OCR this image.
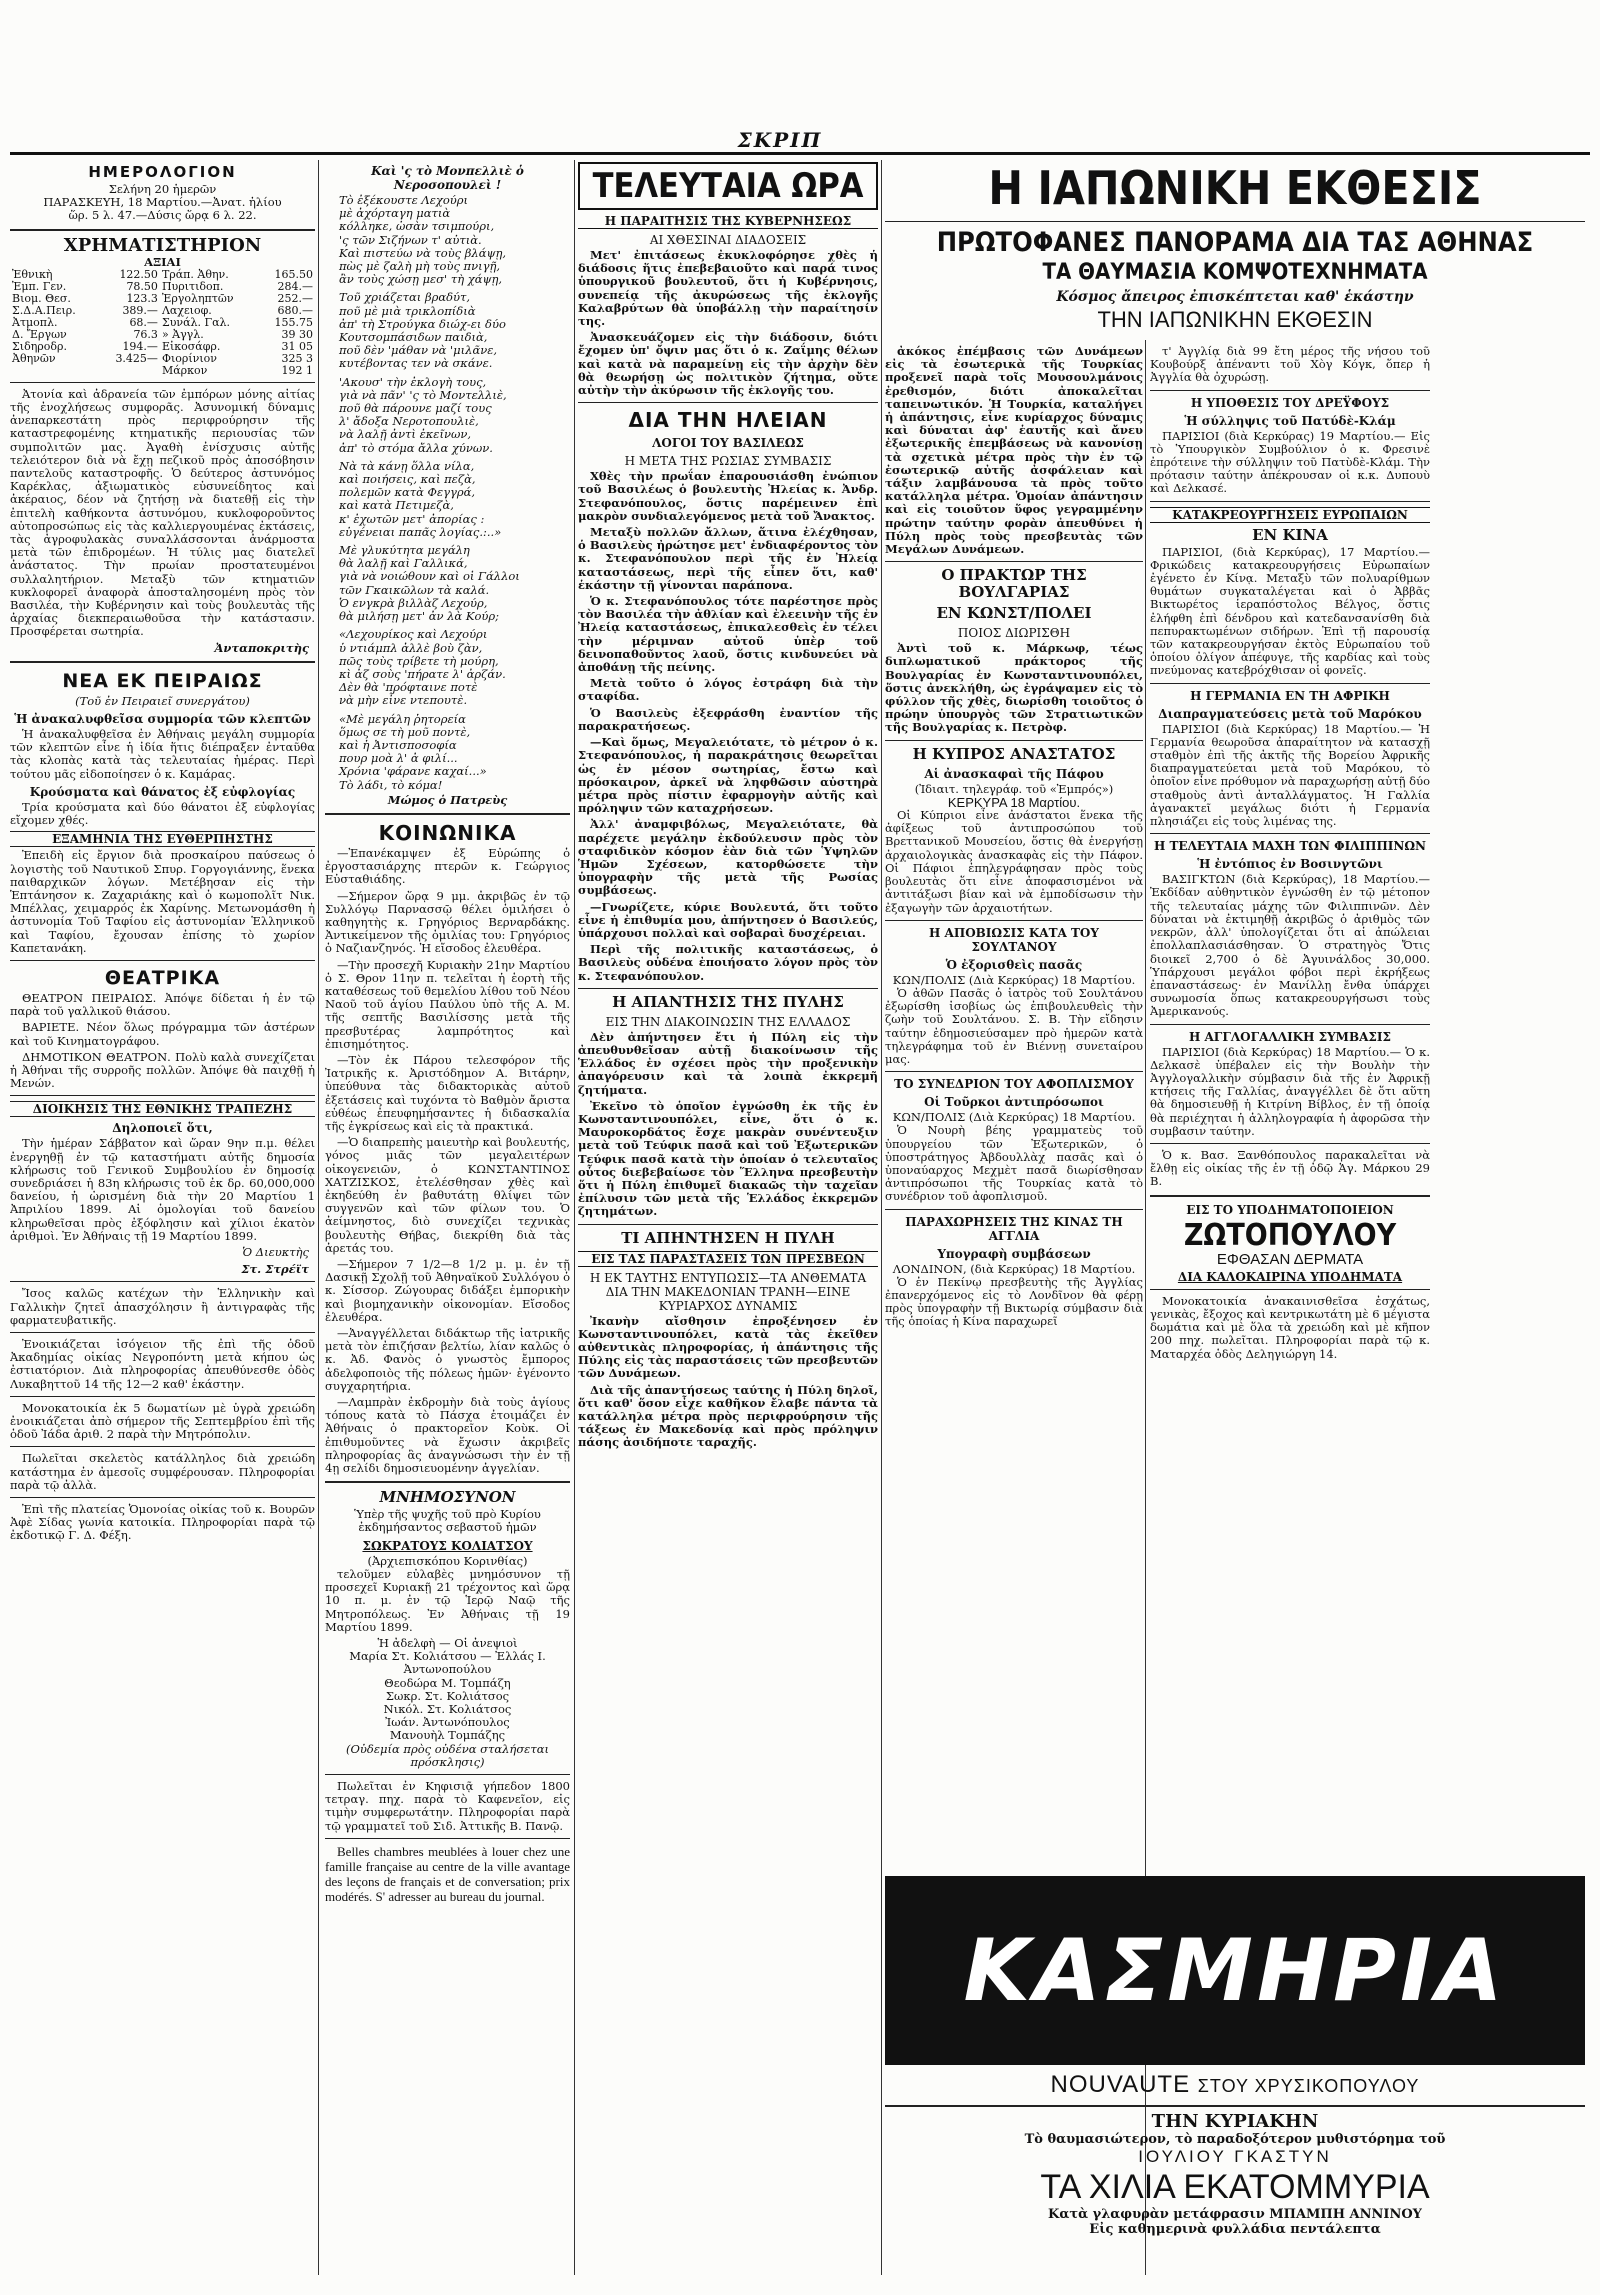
ΣΚΡΙΠ
ΗΜΕΡΟΛΟΓΙΟΝ
Σελήνη 20 ἡμερῶν
ΠΑΡΑΣΚΕΥΗ, 18 Μαρτίου.—Ἀνατ. ἡλίου
ὥρ. 5 λ. 47.—Δύσις ὥρᾳ 6 λ. 22.
ΧΡΗΜΑΤΙΣΤΗΡΙΟΝ
ΑΞΙΑΙ
Ἐθνικὴ	122.50	Τράπ. Ἀθην.	165.50
Ἐμπ. Γεν.	78.50	Πυριτιδοπ.	284.—
Βιομ. Θεσ.	123.3	Ἐργοληπτῶν	252.—
Σ.Δ.Α.Πειρ.	389.—	Λαχειοφ.	680.—
Ἀτμοπλ.	68.—	Συνάλ. Γαλ.	155.75
Δ. Ἔργων	76.3	» Ἀγγλ.	39 30
Σιδηροδρ.	194.—	Εἰκοσάφρ.	31 05
Ἀθηνῶν	3.425—	Φιορίνιον	325 3
		Μάρκον	192 1

Ἀτονία καὶ ἀδρανεία τῶν ἐμπόρων μόνης αἰτίας τῆς ἐνοχλήσεως συμφορᾶς. Ἀσυνομική δύναμις ἀνεπαρκεστάτη πρὸς περιφρούρησιν τῆς καταστρεφομένης κτηματικῆς περιουσίας τῶν συμπολιτῶν μας. Ἀγαθὴ ἐνίσχυσις αὐτῆς τελειότερον διὰ νὰ ἔχῃ πεζικοῦ πρὸς ἀποσόβησιν παντελοῦς καταστροφῆς. Ὁ δεύτερος ἀστυνόμος Καρέκλας, ἀξιωματικὸς εὐσυνείδητος καὶ ἀκέραιος, δέον νὰ ζητήσῃ νὰ διατεθῇ εἰς τὴν ἐπιτελὴ καθήκοντα ἀστυνόμου, κυκλοφοροῦντος αὐτοπροσώπως εἰς τὰς καλλιεργουμένας ἐκτάσεις, τὰς ἀγροφυλακὰς συναλλάσσονται ἀνάρμοστα μετὰ τῶν ἐπιδρομέων. Ἡ τύλις μας διατελεῖ ἀνάστατος. Τὴν πρωίαν προστατευμένοι συλλαλητήριον. Μεταξὺ τῶν κτηματιῶν κυκλοφορεῖ ἀναφορὰ ἀποσταλησομένη πρὸς τὸν Βασιλέα, τὴν Κυβέρνησιν καὶ τοὺς βουλευτὰς τῆς ἀρχαίας διεκπεραιωθοῦσα τὴν κατάστασιν. Προσφέρεται σωτηρία.

Ἀνταποκριτὴς
ΝΕΑ ΕΚ ΠΕΙΡΑΙΩΣ
(Τοῦ ἐν Πειραιεῖ συνεργάτου)
Ἡ ἀνακαλυφθεῖσα συμμορία τῶν κλεπτῶν

Ἡ ἀνακαλυφθεῖσα ἐν Ἀθήναις μεγάλη συμμορία τῶν κλεπτῶν εἶνε ἡ ἰδία ἥτις διέπραξεν ἐνταῦθα τὰς κλοπὰς κατὰ τὰς τελευταίας ἡμέρας. Περὶ τούτου μᾶς εἰδοποίησεν ὁ κ. Καμάρας.

Κρούσματα καὶ θάνατος ἐξ εὐφλογίας

Τρία κρούσματα καὶ δύο θάνατοι ἐξ εὐφλογίας εἴχομεν χθές.

ΕΞΑΜΗΝΙΑ ΤΗΣ ΕΥΘΕΡΠΗΣΤΗΣ

Ἐπειδὴ εἰς ἔργιον διὰ προσκαίρου παύσεως ὁ λογιστὴς τοῦ Ναυτικοῦ Σπυρ. Γοργογιάννης, ἕνεκα παιθαρχικῶν λόγων. Μετέβησαν εἰς τὴν Ἑπτάνησον κ. Ζαχαριάκης καὶ ὁ κωμοπολῖτ Νικ. Μπέλλας, χειμαρρός ἐκ Χαρίνης. Μετωνομάσθη ἡ ἀστυνομία Τοῦ Ταφίου εἰς ἀστυνομίαν Ἑλληνικοῦ καὶ Ταφίου, ἔχουσαν ἐπίσης τὸ χωρίον Καπετανάκη.

ΘΕΑΤΡΙΚΑ

ΘΕΑΤΡΟΝ ΠΕΙΡΑΙΩΣ. Ἀπόψε δίδεται ἡ ἐν τῷ παρὰ τοῦ γαλλικοῦ θιάσου.

ΒΑΡΙΕΤΕ. Νέον ὅλως πρόγραμμα τῶν ἀστέρων καὶ τοῦ Κινηματογράφου.

ΔΗΜΟΤΙΚΟΝ ΘΕΑΤΡΟΝ. Πολὺ καλὰ συνεχίζεται ἡ Ἀθήναι τῆς συρροῆς πολλῶν. Ἀπόψε θὰ παιχθῇ ἡ Μενών.

ΔΙΟΙΚΗΣΙΣ ΤΗΣ ΕΘΝΙΚΗΣ ΤΡΑΠΕΖΗΣ
Δηλοποιεῖ ὅτι,

Τὴν ἡμέραν Σάββατον καὶ ὥραν 9ην π.μ. θέλει ἐνεργηθῇ ἐν τῷ καταστήματι αὐτῆς δημοσία κλήρωσις τοῦ Γενικοῦ Συμβουλίου ἐν δημοσίᾳ συνεδριάσει ἡ 83η κλήρωσις τοῦ ἐκ δρ. 60,000,000 δανείου, ἡ ὡρισμένη διὰ τὴν 20 Μαρτίου 1 Ἀπριλίου 1899. Αἱ ὁμολογίαι τοῦ δανείου κληρωθεῖσαι πρὸς ἐξόφλησιν καὶ χίλιοι ἑκατὸν ἀριθμοὶ. Ἐν Ἀθήναις τῇ 19 Μαρτίου 1899.

Ὁ Διευκτὴς
Στ. Στρέϊτ

Ἴσος καλῶς κατέχων τὴν Ἑλληνικὴν καὶ Γαλλικὴν ζητεῖ ἀπασχόλησιν ἢ ἀντιγραφὰς τῆς φαρματευβατικῆς.

Ἐνοικιάζεται ἰσόγειον τῆς ἐπὶ τῆς ὁδοῦ Ἀκαδημίας οἰκίας Νεγροπόντη μετὰ κήπου ὡς ἐστιατόριον. Διὰ πληροφορίας ἀπευθύνεσθε ὁδὸς Λυκαβηττοῦ 14 τῆς 12—2 καθ' ἑκάστην.

Μονοκατοικία ἐκ 5 δωματίων μὲ ὑγρὰ χρειώδη ἐνοικιάζεται ἀπὸ σήμερον τῆς Σεπτεμβρίου ἐπὶ τῆς ὁδοῦ Ἰάδα ἀριθ. 2 παρὰ τὴν Μητρόπολιν.

Πωλεῖται σκελετὸς κατάλληλος διὰ χρειώδη κατάστημα ἐν ἀμεσοῖς συμφέρουσαν. Πληροφορίαι παρὰ τῷ ἀλλὰ.

Ἐπὶ τῆς πλατείας Ὁμονοίας οἰκίας τοῦ κ. Βουρῶν Ἀφὲ Σίδας γωνία κατοικία. Πληροφορίαι παρὰ τῷ ἐκδοτικῷ Γ. Δ. Φέξη.

Καὶ 'ς τὸ Μονπελλιὲ ὁ Νεροσοπουλεὶ !
Τὸ ἐξέκουστε Λεχούρι
μὲ ἀχόρταγη ματιὰ
κόλληκε, ὡσὰν τσιμπούρι,
'ς τῶν Σιζήνων τ' αὐτιὰ.
Καὶ πιστεύω νὰ τοὺς βλάψῃ,
πὼς μὲ ζαλὴ μὴ τοὺς πνιγῇ,
ἂν τοὺς χώσῃ μεσ' τὴ χάψῃ,
Τοῦ χριάζεται βραδύτ,
ποῦ μὲ μιὰ τρικλοπίδιὰ
ἀπ' τὴ Στρούγκα διώχ-ει δύο
Κουτσομπάσιδων παιδιὰ,
ποῦ δὲν 'μάθαν νὰ 'μιλᾶνε,
κυτέβοντας τεν νὰ σκάνε.
'Ακουσ' τὴν ἐκλογὴ τους,
γιὰ νὰ πᾶν' 'ς τὸ Μοντελλιὲ,
ποῦ θὰ πάρουνε μαζί τους
λ' ἄδοξα Νεροτοπουλιὲ,
νὰ λαλῇ ἀντὶ ἐκεῖνων,
ἀπ' τὸ στόμα ἄλλα χύνων.
Νὰ τὰ κάνῃ ὅλλα νίλα,
καὶ ποιήσεις, καὶ πεζὰ,
πολεμῶν κατὰ Φεγγρά,
καὶ κατὰ Πετιμεζὰ,
κ' ἐχωτῶν μετ' ἀπορίας :
εὐγένειαι παπᾶς λογίας.:..»
Μὲ γλυκύτητα μεγάλη
θὰ λαλῇ καὶ Γαλλικά,
γιὰ νὰ νοιώθουν καὶ οἱ Γάλλοι
τῶν Γκαικῶλων τὰ καλά.
Ὁ ενγκρὰ βιλλὰζ Λεχούρ,
θὰ μιλήσῃ μετ' ἀν λὰ Κούρ;
«Λεχουρίκος καὶ Λεχούρι
ὑ ντιάμπλ ἀλλὲ βοὺ ζὰν,
πῶς τοὺς τρίβετε τὴ μούρη,
κὶ ἀζ σοὺς 'πήρατε λ' ἀρζάν.
Δὲν θὰ 'πρόφταινε ποτὲ
νὰ μὴν εἶνε ντεπουτὲ.
«Μὲ μεγάλη ῥητορεία
ὅμως σε τὴ μοῦ ποντὲ,
καὶ ἡ Ἀντισποσοφία
πουρ μοὰ λ' ἀ φιλί...
Χρόνια 'φάρανε καχαί...»
Τὸ λάδι, τὸ κόμα!
Μώμος ὁ Πατρεὺς
ΚΟΙΝΩΝΙΚΑ

—Ἐπανέκαμψεν ἐξ Εὐρώπης ὁ ἐργοστασιάρχης πτερῶν κ. Γεώργιος Εὐσταθιάδης.

—Σήμερον ὥρᾳ 9 μμ. ἀκριβῶς ἐν τῷ Συλλόγῳ Παρνασσῷ θέλει ὁμιλήσει ὁ καθηγητὴς κ. Γρηγόριος Βερναρδάκης. Ἀντικείμενον τῆς ὁμιλίας του: Γρηγόριος ὁ Ναζιανζηνός. Ἡ εἴσοδος ἐλευθέρα.

—Τὴν προσεχῆ Κυριακὴν 21ην Μαρτίου ὁ Σ. Θρον 11ην π. τελεῖται ἡ ἑορτὴ τῆς καταθέσεως τοῦ θεμελίου λίθου τοῦ Νέου Ναοῦ τοῦ ἁγίου Παύλου ὑπὸ τῆς Α. Μ. τῆς σεπτῆς Βασιλίσσης μετὰ τῆς πρεσβυτέρας λαμπρότητος καὶ ἐπισημότητος.

—Τὸν ἐκ Πάρου τελεσφόρον τῆς Ἰατρικῆς κ. Ἀριστόδημον Α. Βιτάρην, ὑπεύθυνα τὰς διδακτορικὰς αὐτοῦ ἐξετάσεις καὶ τυχόντα τὸ Βαθμὸν ἄριστα εὐθέως ἐπευφημήσαντες ἡ διδασκαλία τῆς ἐγκρίσεως καὶ εἰς τὰ πρακτικά.

—Ὁ διαπρεπὴς μαιευτὴρ καὶ βουλευτής, γόνος μιᾶς τῶν μεγαλειτέρων οἰκογενειῶν, ὁ ΚΩΝΣΤΑΝΤΙΝΟΣ ΧΑΤΖΙΣΚΟΣ, ἐτελέσθησαν χθὲς καὶ ἐκηδεύθη ἐν βαθυτάτῃ θλίψει τῶν συγγενῶν καὶ τῶν φίλων του. Ὁ ἀείμνηστος, διὸ συνεχίζει τεχνικὰς βουλευτὴς Θήβας, διεκρίθη διὰ τὰς ἀρετάς του.

—Σήμερον 7 1/2—8 1/2 μ. μ. ἐν τῇ Δασικῇ Σχολῇ τοῦ Ἀθηναϊκοῦ Συλλόγου ὁ κ. Σίσσορ. Ζώγουρας διδάξει ἐμπορικὴν καὶ βιομηχανικὴν οἰκονομίαν. Εἴσοδος ἐλευθέρα.

—Ἀναγγέλλεται διδάκτωρ τῆς ἰατρικῆς μετὰ τὸν ἐπιζήσαν βελτίω, λίαν καλῶς ὁ κ. Ἀδ. Φανὸς ὁ γνωστὸς ἔμπορος ἀδελφοποιὸς τῆς πόλεως ἡμῶν· ἐγένοντο συγχαρητήρια.

—Λαμπρὰν ἐκδρομὴν διὰ τοὺς ἁγίους τόπους κατὰ τὸ Πάσχα ἐτοιμάζει ἐν Ἀθήναις ὁ πρακτορεῖον Κοὺκ. Οἱ ἐπιθυμοῦντες νὰ ἔχωσιν ἀκριβεῖς πληροφορίας ἃς ἀναγνώσωσι τὴν ἐν τῇ 4ῃ σελίδι δημοσιευομένην ἀγγελίαν.

ΜΝΗΜΟΣΥΝΟΝ
Ὑπὲρ τῆς ψυχῆς τοῦ πρὸ Κυρίου ἐκδημήσαντος σεβαστοῦ ἡμῶν
ΣΩΚΡΑΤΟΥΣ ΚΟΛΙΑΤΣΟΥ
(Ἀρχιεπισκόπου Κορινθίας)

τελοῦμεν εὐλαβὲς μνημόσυνον τῇ προσεχεῖ Κυριακῇ 21 τρέχοντος καὶ ὥρᾳ 10 π. μ. ἐν τῷ Ἱερῷ Ναῷ τῆς Μητροπόλεως. Ἐν Ἀθήναις τῇ 19 Μαρτίου 1899.

Ἡ ἀδελφὴ — Οἱ ἀνεψιοὶ
Μαρία Στ. Κολιάτσου — Ἐλλάς Ι. Ἀντωνοπούλου
Θεοδώρα Μ. Τομπάζη
Σωκρ. Στ. Κολιάτσος
Νικόλ. Στ. Κολιάτσος
Ἰωάν. Ἀντωνόπουλος
Μανουὴλ Τομπάζης
(Οὐδεμία πρὸς οὐδένα σταλήσεται πρόσκλησις)

Πωλεῖται ἐν Κηφισιᾷ γήπεδον 1800 τετραγ. πηχ. παρὰ τὸ Καφενεῖον, εἰς τιμὴν συμφερωτάτην. Πληροφορίαι παρὰ τῷ γραμματεῖ τοῦ Σιδ. Ἀττικῆς Β. Πανῷ.

Belles chambres meublées à louer chez une famille française au centre de la ville avantage des leçons de français et de conversation; prix modérés. S' adresser au bureau du journal.

ΤΕΛΕΥΤΑΙΑ ΩΡΑ
Η ΠΑΡΑΙΤΗΣΙΣ ΤΗΣ ΚΥΒΕΡΝΗΣΕΩΣ
ΑΙ ΧΘΕΣΙΝΑΙ ΔΙΑΔΟΣΕΙΣ

Μετ' ἐπιτάσεως ἐκυκλοφόρησε χθὲς ἡ διάδοσις ἥτις ἐπεβεβαιοῦτο καὶ παρά τινος ὑπουργικοῦ βουλευτοῦ, ὅτι ἡ Κυβέρνησις, συνεπείᾳ τῆς ἀκυρώσεως τῆς ἐκλογῆς Καλαβρύτων θὰ ὑποβάλλῃ τὴν παραίτησίν της.

Ἀνασκευάζομεν εἰς τὴν διάδοσιν, διότι ἔχομεν ὑπ' ὄψιν μας ὅτι ὁ κ. Ζαΐμης θέλων καὶ κατὰ νὰ παραμείνῃ εἰς τὴν ἀρχὴν δὲν θὰ θεωρήσῃ ὡς πολιτικὸν ζήτημα, οὔτε αὐτὴν τὴν ἀκύρωσιν τῆς ἐκλογῆς του.

ΔΙΑ ΤΗΝ ΗΛΕΙΑΝ
ΛΟΓΟΙ ΤΟΥ ΒΑΣΙΛΕΩΣ
Η ΜΕΤΑ ΤΗΣ ΡΩΣΙΑΣ ΣΥΜΒΑΣΙΣ

Χθὲς τὴν πρωΐαν ἐπαρουσιάσθη ἐνώπιον τοῦ Βασιλέως ὁ βουλευτὴς Ἠλείας κ. Ἀνδρ. Στεφανόπουλος, ὅστις παρέμεινεν ἐπὶ μακρὸν συνδιαλεγόμενος μετὰ τοῦ Ἄνακτος.

Μεταξὺ πολλῶν ἄλλων, ἅτινα ἐλέχθησαν, ὁ Βασιλεὺς ἠρώτησε μετ' ἐνδιαφέροντος τὸν κ. Στεφανόπουλον περὶ τῆς ἐν Ἠλείᾳ καταστάσεως, περὶ τῆς εἶπεν ὅτι, καθ' ἑκάστην τῇ γίνονται παράπονα.

Ὁ κ. Στεφανόπουλος τότε παρέστησε πρὸς τὸν Βασιλέα τὴν ἀθλίαν καὶ ἐλεεινὴν τῆς ἐν Ἠλείᾳ καταστάσεως, ἐπικαλεσθεὶς ἐν τέλει τὴν μέριμναν αὐτοῦ ὑπὲρ τοῦ δεινοπαθοῦντος λαοῦ, ὅστις κινδυνεύει νὰ ἀποθάνῃ τῆς πείνης.

Μετὰ τοῦτο ὁ λόγος ἐστράφη διὰ τὴν σταφίδα.

Ὁ Βασιλεὺς ἐξεφράσθη ἐναντίον τῆς παρακρατήσεως.

—Καὶ ὅμως, Μεγαλειότατε, τὸ μέτρον ὁ κ. Στεφανόπουλος, ἡ παρακράτησις θεωρεῖται ὡς ἐν μέσον σωτηρίας, ἔστω καὶ πρόσκαιρον, ἀρκεῖ νὰ ληφθῶσιν αὐστηρὰ μέτρα πρὸς πίστιν ἐφαρμογὴν αὐτῆς καὶ πρόληψιν τῶν καταχρήσεων.

Ἀλλ' ἀναμφιβόλως, Μεγαλειότατε, θὰ παρέχετε μεγάλην ἐκδούλευσιν πρὸς τὸν σταφιδικὸν κόσμον ἐὰν διὰ τῶν Ὑψηλῶν Ἡμῶν Σχέσεων, κατορθώσετε τὴν ὑπογραφὴν τῆς μετὰ τῆς Ρωσίας συμβάσεως.

—Γνωρίζετε, κύριε Βουλευτά, ὅτι τοῦτο εἶνε ἡ ἐπιθυμία μου, ἀπήντησεν ὁ Βασιλεύς, ὑπάρχουσι πολλαὶ καὶ σοβαραὶ δυσχέρειαι.

Περὶ τῆς πολιτικῆς καταστάσεως, ὁ Βασιλεὺς οὐδένα ἐποιήσατο λόγον πρὸς τὸν κ. Στεφανόπουλον.

Η ΑΠΑΝΤΗΣΙΣ ΤΗΣ ΠΥΛΗΣ
ΕΙΣ ΤΗΝ ΔΙΑΚΟΙΝΩΣΙΝ ΤΗΣ ΕΛΛΑΔΟΣ

Δὲν ἀπήντησεν ἔτι ἡ Πύλη εἰς τὴν ἀπευθυνθεῖσαν αὐτῇ διακοίνωσιν τῆς Ἑλλάδος ἐν σχέσει πρὸς τὴν προξενικὴν ἀπαγόρευσιν καὶ τὰ λοιπὰ ἐκκρεμῆ ζητήματα.

Ἐκεῖνο τὸ ὁποῖον ἐγνώσθη ἐκ τῆς ἐν Κωνσταντινουπόλει, εἶνε, ὅτι ὁ κ. Μαυροκορδάτος ἔσχε μακρὰν συνέντευξιν μετὰ τοῦ Τεύφικ πασᾶ καὶ τοῦ Ἐξωτερικῶν Τεύφικ πασᾶ κατὰ τὴν ὁποίαν ὁ τελευταῖος οὗτος διεβεβαίωσε τὸν Ἕλληνα πρεσβευτὴν ὅτι ἡ Πύλη ἐπιθυμεῖ διακαῶς τὴν ταχεῖαν ἐπίλυσιν τῶν μετὰ τῆς Ἑλλάδος ἐκκρεμῶν ζητημάτων.

ΤΙ ΑΠΗΝΤΗΣΕΝ Η ΠΥΛΗ
ΕΙΣ ΤΑΣ ΠΑΡΑΣΤΑΣΕΙΣ ΤΩΝ ΠΡΕΣΒΕΩΝ
Η ΕΚ ΤΑΥΤΗΣ ΕΝΤΥΠΩΣΙΣ—ΤΑ ΑΝΘΕΜΑΤΑ ΔΙΑ ΤΗΝ ΜΑΚΕΔΟΝΙΑΝ ΤΡΑΝΗ—ΕΙΝΕ ΚΥΡΙΑΡΧΟΣ ΔΥΝΑΜΙΣ

Ἰκανὴν αἴσθησιν ἐπροξένησεν ἐν Κωνσταντινουπόλει, κατὰ τὰς ἐκεῖθεν αὐθεντικὰς πληροφορίας, ἡ ἀπάντησις τῆς Πύλης εἰς τὰς παραστάσεις τῶν πρεσβευτῶν τῶν Δυνάμεων.

Διὰ τῆς ἀπαντήσεως ταύτης ἡ Πύλη δηλοῖ, ὅτι καθ' ὅσον εἶχε καθῆκον ἔλαβε πάντα τὰ κατάλληλα μέτρα πρὸς περιφρούρησιν τῆς τάξεως ἐν Μακεδονίᾳ καὶ πρὸς πρόληψιν πάσης ἀσιδήποτε ταραχῆς.

Η ΙΑΠΩΝΙΚΗ ΕΚΘΕΣΙΣ
ΠΡΩΤΟΦΑΝΕΣ ΠΑΝΟΡΑΜΑ ΔΙΑ ΤΑΣ ΑΘΗΝΑΣ
ΤΑ ΘΑΥΜΑΣΙΑ ΚΟΜΨΟΤΕΧΝΗΜΑΤΑ
Κόσμος ἄπειρος ἐπισκέπτεται καθ' ἑκάστην
ΤΗΝ ΙΑΠΩΝΙΚΗΝ ΕΚΘΕΣΙΝ

ἀκόκος ἐπέμβασις τῶν Δυνάμεων εἰς τὰ ἐσωτερικὰ τῆς Τουρκίας προξενεῖ παρὰ τοῖς Μουσουλμάνοις ἐρεθισμόν, διότι ἀποκαλεῖται ταπεινωτικόν. Ἡ Τουρκία, καταλήγει ἡ ἀπάντησις, εἶνε κυρίαρχος δύναμις καὶ δύναται ἀφ' ἑαυτῆς καὶ ἄνευ ἐξωτερικῆς ἐπεμβάσεως νὰ κανονίσῃ τὰ σχετικὰ μέτρα πρὸς τὴν ἐν τῷ ἐσωτερικῷ αὐτῆς ἀσφάλειαν καὶ τάξιν λαμβάνουσα τὰ πρὸς τοῦτο κατάλληλα μέτρα. Ὁμοίαν ἀπάντησιν καὶ εἰς τοιοῦτον ὕφος γεγραμμένην πρώτην ταύτην φορὰν ἀπευθύνει ἡ Πύλη πρὸς τοὺς πρεσβευτὰς τῶν Μεγάλων Δυνάμεων.

Ο ΠΡΑΚΤΩΡ ΤΗΣ ΒΟΥΛΓΑΡΙΑΣ
ΕΝ ΚΩΝΣΤ/ΠΟΛΕΙ
ΠΟΙΟΣ ΔΙΩΡΙΣΘΗ

Ἀντὶ τοῦ κ. Μάρκωφ, τέως διπλωματικοῦ πράκτορος τῆς Βουλγαρίας ἐν Κωνσταντινουπόλει, ὅστις ἀνεκλήθη, ὡς ἐγράψαμεν εἰς τὸ φύλλον τῆς χθὲς, διωρίσθη τοιοῦτος ὁ πρώην ὑπουργὸς τῶν Στρατιωτικῶν τῆς Βουλγαρίας κ. Πετρὸφ.

Η ΚΥΠΡΟΣ ΑΝΑΣΤΑΤΟΣ
Αἱ ἀνασκαφαὶ τῆς Πάφου
(Ἰδιαιτ. τηλεγράφ. τοῦ «Ἐμπρός»)
ΚΕΡΚΥΡΑ 18 Μαρτίου.

Οἱ Κύπριοι εἶνε ἀνάστατοι ἕνεκα τῆς ἀφίξεως τοῦ ἀντιπροσώπου τοῦ Βρεττανικοῦ Μουσείου, ὅστις θὰ ἐνεργήσῃ ἀρχαιολογικὰς ἀνασκαφὰς εἰς τὴν Πάφον. Οἱ Πάφιοι ἐπηλεγράφησαν πρὸς τοὺς βουλευτὰς ὅτι εἶνε ἀποφασισμένοι νὰ ἀντιτάξωσι βίαν καὶ νὰ ἐμποδίσωσιν τὴν ἐξαγωγὴν τῶν ἀρχαιοτήτων.

Η ΑΠΟΒΙΩΣΙΣ ΚΑΤΑ ΤΟΥ ΣΟΥΛΤΑΝΟΥ
Ὁ ἐξορισθεὶς πασᾶς
ΚΩΝ/ΠΟΛΙΣ (Διὰ Κερκύρας) 18 Μαρτίου.

Ὁ ἀθῶν Πασᾶς ὁ ἰατρὸς τοῦ Σουλτάνου ἐξωρίσθη ἰσοβίως ὡς ἐπιβουλευθεὶς τὴν ζωὴν τοῦ Σουλτάνου. Σ. Β. Τὴν εἴδησιν ταύτην ἐδημοσιεύσαμεν πρὸ ἡμερῶν κατὰ τηλεγράφημα τοῦ ἐν Βιέννῃ συνεταίρου μας.

ΤΟ ΣΥΝΕΔΡΙΟΝ ΤΟΥ ΑΦΟΠΛΙΣΜΟΥ
Οἱ Τοῦρκοι ἀντιπρόσωποι
ΚΩΝ/ΠΟΛΙΣ (Διὰ Κερκύρας) 18 Μαρτίου.

Ὁ Νουρὴ βέης γραμματεὺς τοῦ ὑπουργείου τῶν Ἐξωτερικῶν, ὁ ὑποστράτηγος Ἀβδουλλὰχ πασᾶς καὶ ὁ ὑποναύαρχος Μεχμὲτ πασᾶ διωρίσθησαν ἀντιπρόσωποι τῆς Τουρκίας κατὰ τὸ συνέδριον τοῦ ἀφοπλισμοῦ.

ΠΑΡΑΧΩΡΗΣΕΙΣ ΤΗΣ ΚΙΝΑΣ ΤΗ ΑΓΓΛΙΑ
Υπογραφὴ συμβάσεων
ΛΟΝΔΙΝΟΝ, (διὰ Κερκύρας) 18 Μαρτίου.

Ὁ ἐν Πεκίνῳ πρεσβευτὴς τῆς Ἀγγλίας ἐπανερχόμενος εἰς τὸ Λονδῖνον θὰ φέρῃ πρὸς ὑπογραφὴν τῇ Βικτωρίᾳ σύμβασιν διὰ τῆς ὁποίας ἡ Κίνα παραχωρεῖ

τ' Ἀγγλίᾳ διὰ 99 ἔτη μέρος τῆς νήσου τοῦ Κουβούρξ ἀπέναντι τοῦ Χὸγ Κόγκ, ὅπερ ἡ Ἀγγλία θὰ ὀχυρώσῃ.

Η ΥΠΟΘΕΣΙΣ ΤΟΥ ΔΡΕΫΦΟΥΣ
Ἡ σύλληψις τοῦ Πατύδὲ-Κλάμ

ΠΑΡΙΣΙΟΙ (διὰ Κερκύρας) 19 Μαρτίου.— Εἰς τὸ Ὑπουργικὸν Συμβούλιον ὁ κ. Φρεσινὲ ἐπρότεινε τὴν σύλληψιν τοῦ Πατὺδὲ-Κλάμ. Τὴν πρότασιν ταύτην ἀπέκρουσαν οἱ κ.κ. Δυπουὺ καὶ Δελκασέ.

ΚΑΤΑΚΡΕΟΥΡΓΗΣΕΙΣ ΕΥΡΩΠΑΙΩΝ
ΕΝ ΚΙΝΑ

ΠΑΡΙΣΙΟΙ, (διὰ Κερκύρας), 17 Μαρτίου.— Φρικώδεις κατακρεουργήσεις Εὐρωπαίων ἐγένετο ἐν Κίνᾳ. Μεταξὺ τῶν πολυαρίθμων θυμάτων συγκαταλέγεται καὶ ὁ Ἀββᾶς Βικτωρέτος ἱεραπόστολος Βέλγος, ὅστις ἐλήφθη ἐπὶ δένδρου καὶ κατεδανσανίσθη διὰ πεπυρακτωμένων σιδήρων. Ἐπὶ τῇ παρουσίᾳ τῶν κατακρεουργήσαν ἐκτὸς Εὐρωπαίου τοῦ ὁποίου ὀλίγον ἀπέφυγε, τῆς καρδίας καὶ τοὺς πνεύμονας κατεβρόχθισαν οἱ φονεῖς.

Η ΓΕΡΜΑΝΙΑ ΕΝ ΤΗ ΑΦΡΙΚΗ
Διαπραγματεύσεις μετὰ τοῦ Μαρόκου

ΠΑΡΙΣΙΟΙ (διὰ Κερκύρας) 18 Μαρτίου.— Ἡ Γερμανία θεωροῦσα ἀπαραίτητον νὰ κατασχῇ σταθμὸν ἐπὶ τῆς ἀκτῆς τῆς Βορείου Ἀφρικῆς διαπραγματεύεται μετὰ τοῦ Μαρόκου, τὸ ὁποῖον εἶνε πρόθυμον νὰ παραχωρήσῃ αὐτῇ δύο σταθμοὺς ἀντὶ ἀνταλλάγματος. Ἡ Γαλλία ἀγανακτεῖ μεγάλως διότι ἡ Γερμανία πλησιάζει εἰς τοὺς λιμένας της.

Η ΤΕΛΕΥΤΑΙΑ ΜΑΧΗ ΤΩΝ ΦΙΛΙΠΠΙΝΩΝ
Ἡ ἐντόπιος ἐν Βοσινγτῶνι

ΒΑΣΙΓΚΤΩΝ (διὰ Κερκύρας), 18 Μαρτίου.— Ἐκδίδαν αὐθηντικὸν ἐγνώσθη ἐν τῷ μέτοπον τῆς τελευταίας μάχης τῶν Φιλιππινῶν. Δὲν δύναται νὰ ἐκτιμηθῇ ἀκριβῶς ὁ ἀριθμὸς τῶν νεκρῶν, ἀλλ' ὑπολογίζεται ὅτι αἱ ἀπώλειαι ἐπολλαπλασιάσθησαν. Ὁ στρατηγὸς Ὄτις διοικεῖ 2,700 ὁ δὲ Ἀγυινάλδος 30,000. Ὑπάρχουσι μεγάλοι φόβοι περὶ ἐκρήξεως ἐπαναστάσεως· ἐν Μανίλλῃ ἔνθα ὑπάρχει συνωμοσία ὅπως κατακρεουργήσωσι τοὺς Ἀμερικανούς.

Η ΑΓΓΛΟΓΑΛΛΙΚΗ ΣΥΜΒΑΣΙΣ

ΠΑΡΙΣΙΟΙ (διὰ Κερκύρας) 18 Μαρτίου.— Ὁ κ. Δελκασὲ ὑπέβαλεν εἰς τὴν Βουλὴν τὴν Ἀγγλογαλλικὴν σύμβασιν διὰ τῆς ἐν Ἀφρικῇ κτήσεις τῆς Γαλλίας, ἀναγγέλλει δὲ ὅτι αὕτη θὰ δημοσιευθῇ ἡ Κιτρίνη Βίβλος, ἐν τῇ ὁποίᾳ θὰ περιέχηται ἡ ἀλληλογραφία ἡ ἀφορῶσα τὴν συμβασιν ταύτην.

Ὁ κ. Βασ. Ξανθόπουλος παρακαλεῖται νὰ ἔλθῃ εἰς οἰκίας τῆς ἐν τῇ ὁδῷ Ἁγ. Μάρκου 29 Β.

ΕΙΣ ΤΟ ΥΠΟΔΗΜΑΤΟΠΟΙΕΙΟΝ
ΖΩΤΟΠΟΥΛΟΥ
ΕΦΘΑΣΑΝ ΔΕΡΜΑΤΑ
ΔΙΑ ΚΑΛΟΚΑΙΡΙΝΑ ΥΠΟΔΗΜΑΤΑ

Μονοκατοικία ἀνακαινισθεῖσα ἐσχάτως, γενικὰς, ἔξοχος καὶ κεντρικωτάτη μὲ 6 μέγιστα δωμάτια καὶ μὲ ὅλα τὰ χρειώδη καὶ μὲ κῆπον 200 πηχ. πωλεῖται. Πληροφορίαι παρὰ τῷ κ. Ματαρχέα ὁδὸς Δεληγιώργη 14.

ΚΑΣΜΗΡΙΑ
NOUVAUTE ΣΤΟΥ ΧΡΥΣΙΚΟΠΟΥΛΟΥ
ΤΗΝ ΚΥΡΙΑΚΗΝ
Τὸ θαυμασιώτερον, τὸ παραδοξότερον μυθιστόρημα τοῦ
ΙΟΥΛΙΟΥ ΓΚΑΣΤΥΝ
ΤΑ ΧΙΛΙΑ ΕΚΑΤΟΜΜΥΡΙΑ
Κατὰ γλαφυρὰν μετάφρασιν ΜΠΑΜΠΗ ΑΝΝΙΝΟΥ
Εἰς καθημερινὰ φυλλάδια πεντάλεπτα
